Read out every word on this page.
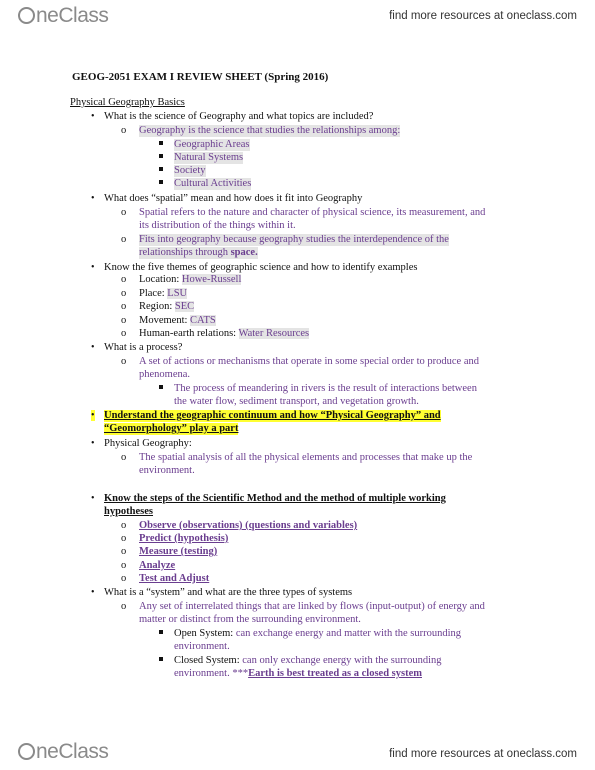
neClass	find more resources at oneclass.com
GEOG-2051 EXAM I REVIEW SHEET (Spring 2016)
Physical Geography Basics
• What is the science of Geography and what topics are included?
o Geography is the science that studies the relationships among:
Geographic Areas
Natural Systems
Society
Cultural Activities
• What does “spatial” mean and how does it fit into Geography
o Spatial refers to the nature and character of physical science, its measurement, and
its distribution of the things within it.
o Fits into geography because geography studies the interdependence of the
relationships through space.
• Know the five themes of geographic science and how to identify examples
o Location: Howe-Russell
o Place: LSU
o Region: SEC
o Movement: CATS
o Human-earth relations: Water Resources
• What is a process?
o A set of actions or mechanisms that operate in some special order to produce and
phenomena.
The process of meandering in rivers is the result of interactions between
the water flow, sediment transport, and vegetation growth.
• Understand the geographic continuum and how “Physical Geography” and
“Geomorphology” play a part
• Physical Geography:
o The spatial analysis of all the physical elements and processes that make up the
environment.
• Know the steps of the Scientific Method and the method of multiple working
hypotheses
o Observe (observations) (questions and variables)
o Predict (hypothesis)
o Measure (testing)
o Analyze
o Test and Adjust
• What is a “system” and what are the three types of systems
o Any set of interrelated things that are linked by flows (input-output) of energy and
matter or distinct from the surrounding environment.
Open System: can exchange energy and matter with the surrounding
environment.
Closed System: can only exchange energy with the surrounding
environment. ***Earth is best treated as a closed system
neClass	find more resources at oneclass.com
